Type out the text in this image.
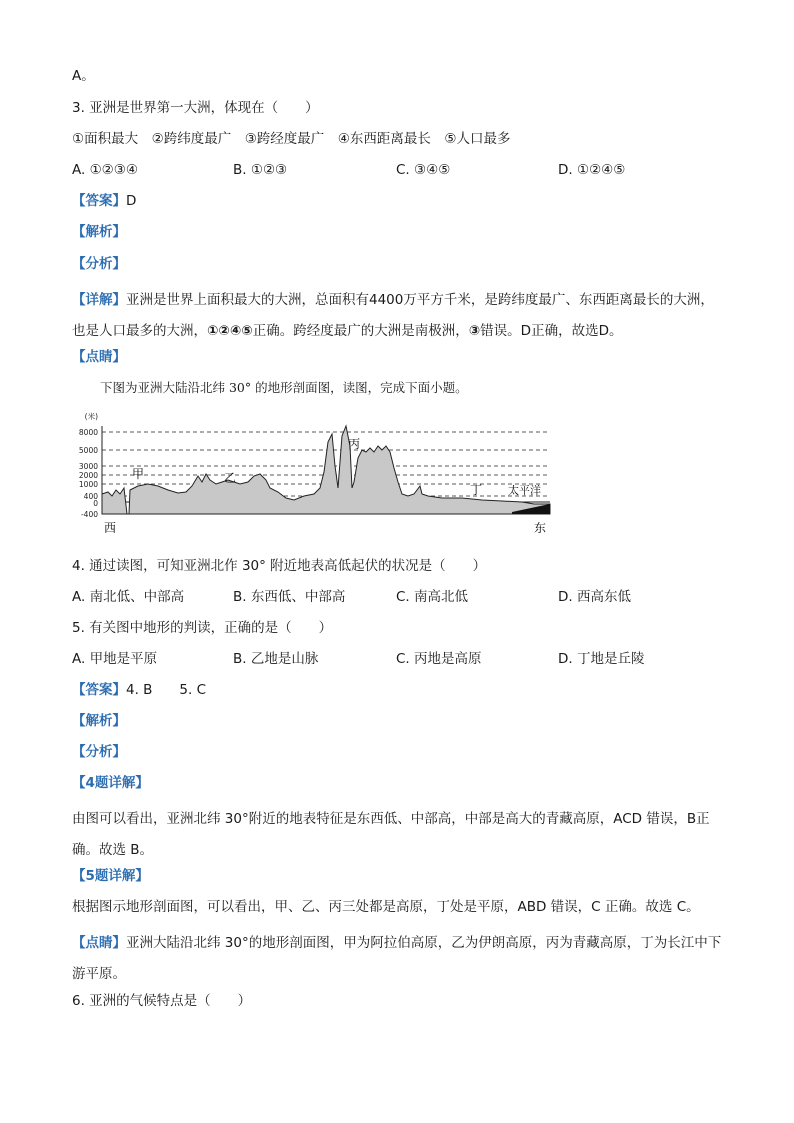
A。
3. 亚洲是世界第一大洲，体现在（　　）
①面积最大　②跨纬度最广　③跨经度最广　④东西距离最长　⑤人口最多
A. ①②③④	B. ①②③	C. ③④⑤	D. ①②④⑤
【答案】D
【解析】
【分析】
【详解】亚洲是世界上面积最大的大洲，总面积有4400万平方千米，是跨纬度最广、东西距离最长的大洲，也是人口最多的大洲，①②④⑤正确。跨经度最广的大洲是南极洲，③错误。D正确，故选D。
【点睛】
下图为亚洲大陆沿北纬 30° 的地形剖面图，读图，完成下面小题。
(米)
8000
5000
3000
2000
1000
400
0
-400
甲	乙
丙
丁 太平洋
西	东
4. 通过读图，可知亚洲北作 30° 附近地表高低起伏的状况是（　　）
A. 南北低、中部高	B. 东西低、中部高	C. 南高北低	D. 西高东低
5. 有关图中地形的判读，正确的是（　　）
A. 甲地是平原	B. 乙地是山脉	C. 丙地是高原	D. 丁地是丘陵
【答案】4. B　　5. C
【解析】
【分析】
【4题详解】
由图可以看出，亚洲北纬 30°附近的地表特征是东西低、中部高，中部是高大的青藏高原，ACD 错误，B正确。故选 B。
【5题详解】
根据图示地形剖面图，可以看出，甲、乙、丙三处都是高原，丁处是平原，ABD 错误，C 正确。故选 C。
【点睛】亚洲大陆沿北纬 30°的地形剖面图，甲为阿拉伯高原，乙为伊朗高原，丙为青藏高原，丁为长江中下游平原。
6. 亚洲的气候特点是（　　）
